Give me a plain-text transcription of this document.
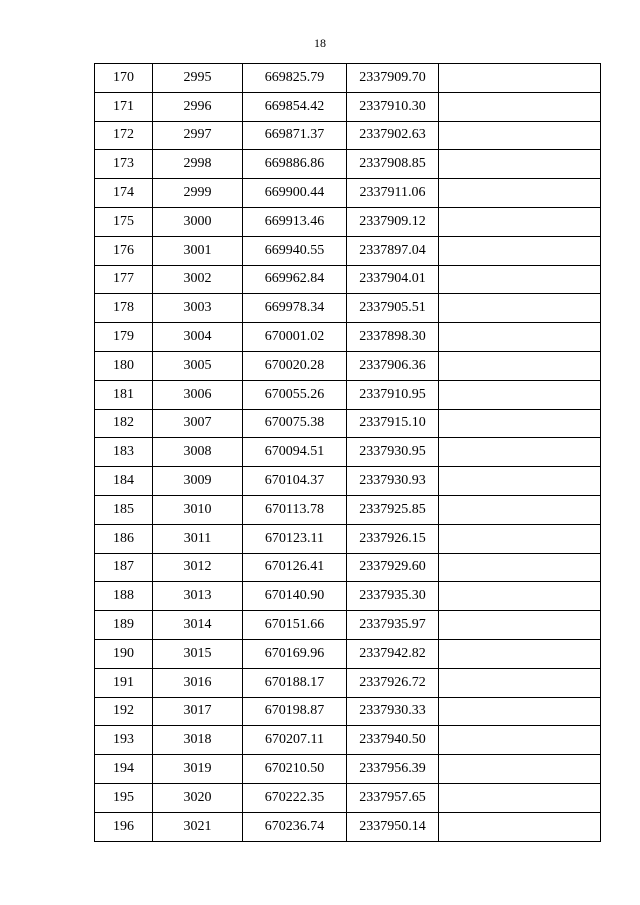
18
170	2995	669825.79	2337909.70	
171	2996	669854.42	2337910.30	
172	2997	669871.37	2337902.63	
173	2998	669886.86	2337908.85	
174	2999	669900.44	2337911.06	
175	3000	669913.46	2337909.12	
176	3001	669940.55	2337897.04	
177	3002	669962.84	2337904.01	
178	3003	669978.34	2337905.51	
179	3004	670001.02	2337898.30	
180	3005	670020.28	2337906.36	
181	3006	670055.26	2337910.95	
182	3007	670075.38	2337915.10	
183	3008	670094.51	2337930.95	
184	3009	670104.37	2337930.93	
185	3010	670113.78	2337925.85	
186	3011	670123.11	2337926.15	
187	3012	670126.41	2337929.60	
188	3013	670140.90	2337935.30	
189	3014	670151.66	2337935.97	
190	3015	670169.96	2337942.82	
191	3016	670188.17	2337926.72	
192	3017	670198.87	2337930.33	
193	3018	670207.11	2337940.50	
194	3019	670210.50	2337956.39	
195	3020	670222.35	2337957.65	
196	3021	670236.74	2337950.14	
